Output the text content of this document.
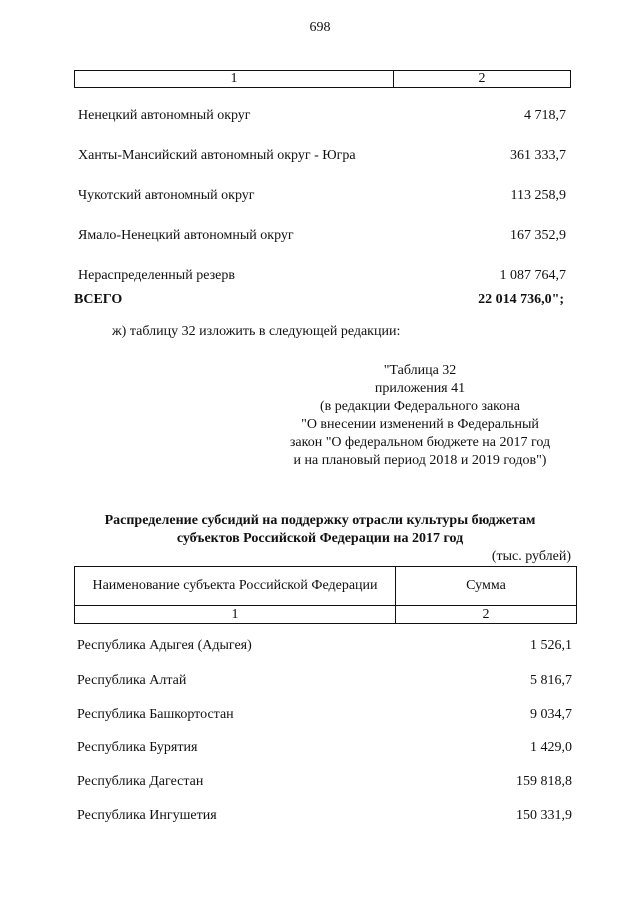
698
1	2
Ненецкий автономный округ	4 718,7
Ханты-Мансийский автономный округ - Югра	361 333,7
Чукотский автономный округ	113 258,9
Ямало-Ненецкий автономный округ	167 352,9
Нераспределенный резерв	1 087 764,7
ВСЕГО	22 014 736,0";
ж) таблицу 32 изложить в следующей редакции:
"Таблица 32
приложения 41
(в редакции Федерального закона
"О внесении изменений в Федеральный
закон "О федеральном бюджете на 2017 год
и на плановый период 2018 и 2019 годов")
Распределение субсидий на поддержку отрасли культуры бюджетам
субъектов Российской Федерации на 2017 год
(тыс. рублей)
Наименование субъекта Российской Федерации	Сумма
1	2
Республика Адыгея (Адыгея)	1 526,1
Республика Алтай	5 816,7
Республика Башкортостан	9 034,7
Республика Бурятия	1 429,0
Республика Дагестан	159 818,8
Республика Ингушетия	150 331,9
